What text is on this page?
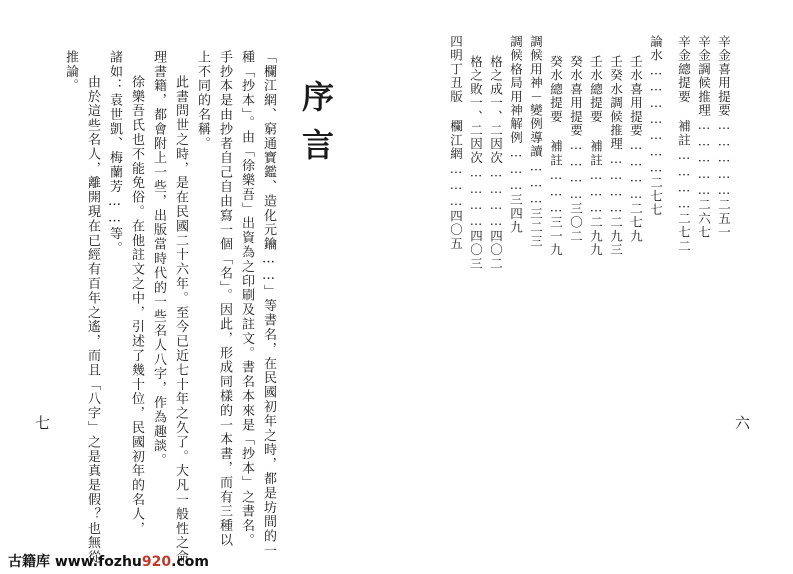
序言
「欄江網、窮通寶鑑、造化元鑰……」等書名，在民國初年之時，都是坊間的一
種「抄本」。由「徐樂吾」出資為之印刷及註文。書名本來是「抄本」之書名。
手抄本是由抄者自己自由寫一個「名」。因此，形成同樣的一本書，而有三種以
上不同的名稱。
此書問世之時，是在民國二十六年。至今已近七十年之久了。大凡一般性之命
理書籍，都會附上一些，出版當時代的一些名人八字，作為趣談。
徐樂吾氏也不能免俗。在他註文之中，引述了幾十位，民國初年的名人，
諸如：袁世凱、梅蘭芳……等。
由於這些名人，離開現在已經有百年之遙，而且「八字」之是真是假？也無從
推論。
七
辛金喜用提要……………二五一
辛金調候推理……………二六七
辛金總提要 補註…………二七二
論水…………………二七七
壬水喜用提要…………二七九
壬癸水調候推理…………二九三
壬水總提要 補註………二九九
癸水喜用提要…………三〇二
癸水總提要 補註………三一九
調候用神－變例導讀………三二三
調候格局用神解例………三四九
格之成一、二因次…………四〇二
格之敗一、二因次…………四〇三
四明丁丑版 欄江網………四〇五
六
古籍库 www.fozhu920.com
